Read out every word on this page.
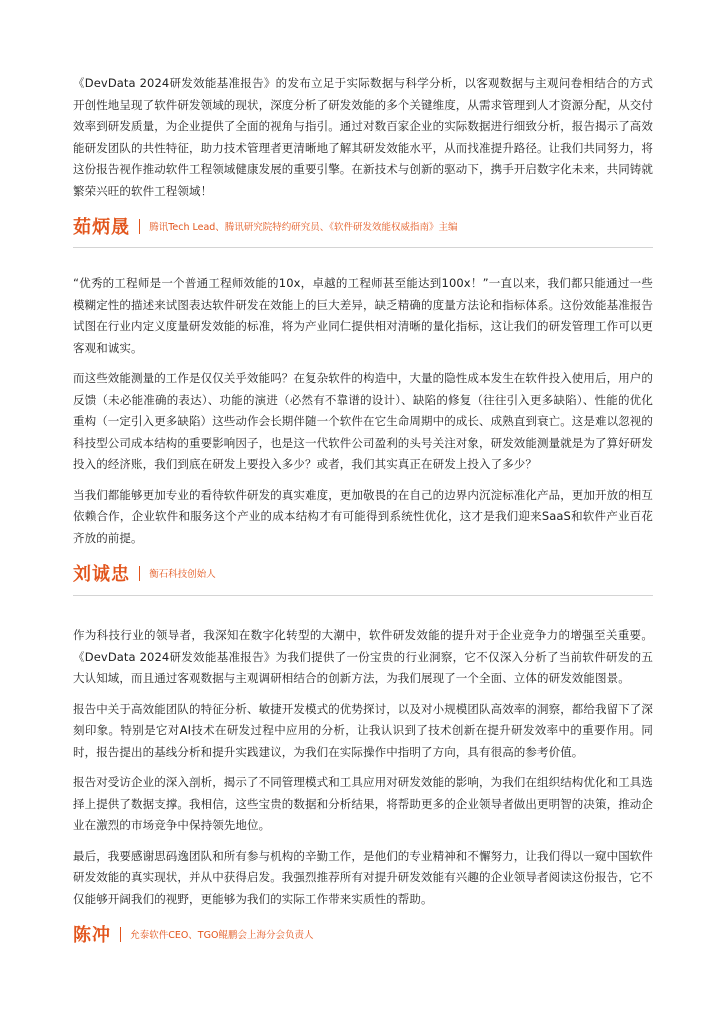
《DevData 2024研发效能基准报告》的发布立足于实际数据与科学分析，以客观数据与主观问卷相结合的方式开创性地呈现了软件研发领域的现状，深度分析了研发效能的多个关键维度，从需求管理到人才资源分配，从交付效率到研发质量，为企业提供了全面的视角与指引。通过对数百家企业的实际数据进行细致分析，报告揭示了高效能研发团队的共性特征，助力技术管理者更清晰地了解其研发效能水平，从而找准提升路径。让我们共同努力，将这份报告视作推动软件工程领域健康发展的重要引擎。在新技术与创新的驱动下，携手开启数字化未来，共同铸就繁荣兴旺的软件工程领域！

茹炳晟 腾讯Tech Lead、腾讯研究院特约研究员、《软件研发效能权威指南》主编

“优秀的工程师是一个普通工程师效能的10x，卓越的工程师甚至能达到100x！”一直以来，我们都只能通过一些模糊定性的描述来试图表达软件研发在效能上的巨大差异，缺乏精确的度量方法论和指标体系。这份效能基准报告试图在行业内定义度量研发效能的标准，将为产业同仁提供相对清晰的量化指标，这让我们的研发管理工作可以更客观和诚实。

而这些效能测量的工作是仅仅关乎效能吗？在复杂软件的构造中，大量的隐性成本发生在软件投入使用后，用户的反馈（未必能准确的表达）、功能的演进（必然有不靠谱的设计）、缺陷的修复（往往引入更多缺陷）、性能的优化重构（一定引入更多缺陷）这些动作会长期伴随一个软件在它生命周期中的成长、成熟直到衰亡。这是难以忽视的科技型公司成本结构的重要影响因子，也是这一代软件公司盈利的头号关注对象，研发效能测量就是为了算好研发投入的经济账，我们到底在研发上要投入多少？或者，我们其实真正在研发上投入了多少？

当我们都能够更加专业的看待软件研发的真实难度，更加敬畏的在自己的边界内沉淀标准化产品，更加开放的相互依赖合作，企业软件和服务这个产业的成本结构才有可能得到系统性优化，这才是我们迎来SaaS和软件产业百花齐放的前提。

刘诚忠 衡石科技创始人

作为科技行业的领导者，我深知在数字化转型的大潮中，软件研发效能的提升对于企业竞争力的增强至关重要。《DevData 2024研发效能基准报告》为我们提供了一份宝贵的行业洞察，它不仅深入分析了当前软件研发的五大认知域，而且通过客观数据与主观调研相结合的创新方法，为我们展现了一个全面、立体的研发效能图景。

报告中关于高效能团队的特征分析、敏捷开发模式的优势探讨，以及对小规模团队高效率的洞察，都给我留下了深刻印象。特别是它对AI技术在研发过程中应用的分析，让我认识到了技术创新在提升研发效率中的重要作用。同时，报告提出的基线分析和提升实践建议，为我们在实际操作中指明了方向，具有很高的参考价值。

报告对受访企业的深入剖析，揭示了不同管理模式和工具应用对研发效能的影响，为我们在组织结构优化和工具选择上提供了数据支撑。我相信，这些宝贵的数据和分析结果，将帮助更多的企业领导者做出更明智的决策，推动企业在激烈的市场竞争中保持领先地位。

最后，我要感谢思码逸团队和所有参与机构的辛勤工作，是他们的专业精神和不懈努力，让我们得以一窥中国软件研发效能的真实现状，并从中获得启发。我强烈推荐所有对提升研发效能有兴趣的企业领导者阅读这份报告，它不仅能够开阔我们的视野，更能够为我们的实际工作带来实质性的帮助。

陈冲 允泰软件CEO、TGO鲲鹏会上海分会负责人
